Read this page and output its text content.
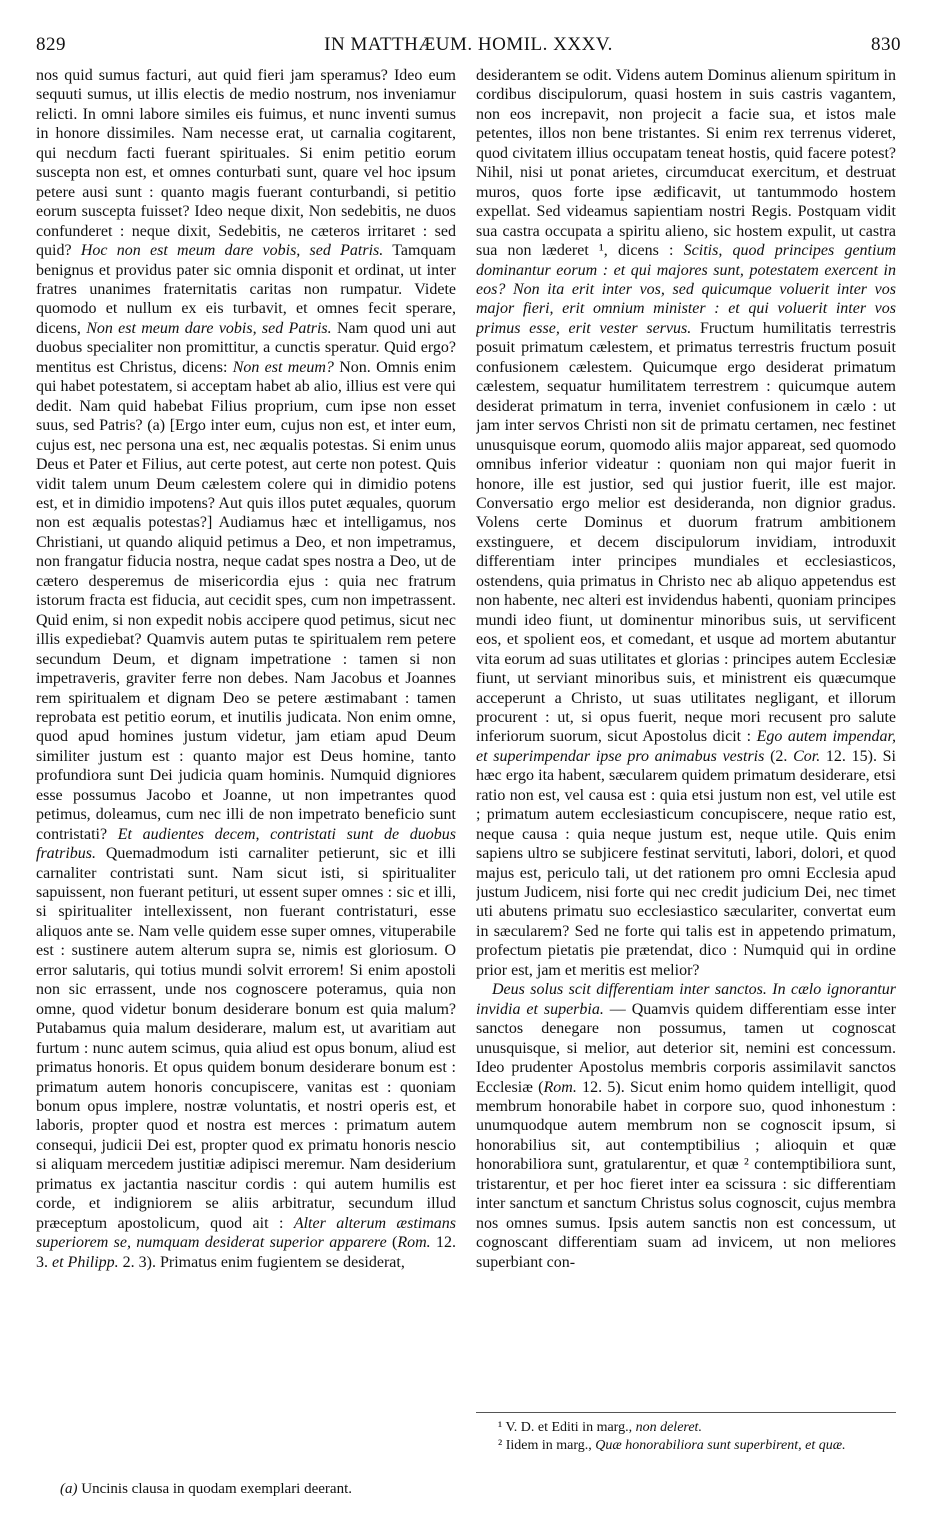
829	IN MATTHÆUM. HOMIL. XXXV.	830

nos quid sumus facturi, aut quid fieri jam speramus? Ideo eum sequuti sumus, ut illis electis de medio nostrum, nos inveniamur relicti. In omni labore similes eis fuimus, et nunc inventi sumus in honore dissimiles. Nam necesse erat, ut carnalia cogitarent, qui necdum facti fuerant spirituales. Si enim petitio eorum suscepta non est, et omnes conturbati sunt, quare vel hoc ipsum petere ausi sunt : quanto magis fuerant conturbandi, si petitio eorum suscepta fuisset? Ideo neque dixit, Non sedebitis, ne duos confunderet : neque dixit, Sedebitis, ne cæteros irritaret : sed quid? Hoc non est meum dare vobis, sed Patris. Tamquam benignus et providus pater sic omnia disponit et ordinat, ut inter fratres unanimes fraternitatis caritas non rumpatur. Videte quomodo et nullum ex eis turbavit, et omnes fecit sperare, dicens, Non est meum dare vobis, sed Patris. Nam quod uni aut duobus specialiter non promittitur, a cunctis speratur. Quid ergo? mentitus est Christus, dicens: Non est meum? Non. Omnis enim qui habet potestatem, si acceptam habet ab alio, illius est vere qui dedit. Nam quid habebat Filius proprium, cum ipse non esset suus, sed Patris? (a) [Ergo inter eum, cujus non est, et inter eum, cujus est, nec persona una est, nec æqualis potestas. Si enim unus Deus et Pater et Filius, aut certe potest, aut certe non potest. Quis vidit talem unum Deum cælestem colere qui in dimidio potens est, et in dimidio impotens? Aut quis illos putet æquales, quorum non est æqualis potestas?] Audiamus hæc et intelligamus, nos Christiani, ut quando aliquid petimus a Deo, et non impetramus, non frangatur fiducia nostra, neque cadat spes nostra a Deo, ut de cætero desperemus de misericordia ejus : quia nec fratrum istorum fracta est fiducia, aut cecidit spes, cum non impetrassent. Quid enim, si non expedit nobis accipere quod petimus, sicut nec illis expediebat? Quamvis autem putas te spiritualem rem petere secundum Deum, et dignam impetratione : tamen si non impetraveris, graviter ferre non debes. Nam Jacobus et Joannes rem spiritualem et dignam Deo se petere æstimabant : tamen reprobata est petitio eorum, et inutilis judicata. Non enim omne, quod apud homines justum videtur, jam etiam apud Deum similiter justum est : quanto major est Deus homine, tanto profundiora sunt Dei judicia quam hominis. Numquid digniores esse possumus Jacobo et Joanne, ut non impetrantes quod petimus, doleamus, cum nec illi de non impetrato beneficio sunt contristati? Et audientes decem, contristati sunt de duobus fratribus. Quemadmodum isti carnaliter petierunt, sic et illi carnaliter contristati sunt. Nam sicut isti, si spiritualiter sapuissent, non fuerant petituri, ut essent super omnes : sic et illi, si spiritualiter intellexissent, non fuerant contristaturi, esse aliquos ante se. Nam velle quidem esse super omnes, vituperabile est : sustinere autem alterum supra se, nimis est gloriosum. O error salutaris, qui totius mundi solvit errorem! Si enim apostoli non sic errassent, unde nos cognoscere poteramus, quia non omne, quod videtur bonum desiderare bonum est quia malum? Putabamus quia malum desiderare, malum est, ut avaritiam aut furtum : nunc autem scimus, quia aliud est opus bonum, aliud est primatus honoris. Et opus quidem bonum desiderare bonum est : primatum autem honoris concupiscere, vanitas est : quoniam bonum opus implere, nostræ voluntatis, et nostri operis est, et laboris, propter quod et nostra est merces : primatum autem consequi, judicii Dei est, propter quod ex primatu honoris nescio si aliquam mercedem justitiæ adipisci meremur. Nam desiderium primatus ex jactantia nascitur cordis : qui autem humilis est corde, et indigniorem se aliis arbitratur, secundum illud præceptum apostolicum, quod ait : Alter alterum æstimans superiorem se, numquam desiderat superior apparere (Rom. 12. 3. et Philipp. 2. 3). Primatus enim fugientem se desiderat,

desiderantem se odit. Videns autem Dominus alienum spiritum in cordibus discipulorum, quasi hostem in suis castris vagantem, non eos increpavit, non projecit a facie sua, et istos male petentes, illos non bene tristantes. Si enim rex terrenus videret, quod civitatem illius occupatam teneat hostis, quid facere potest? Nihil, nisi ut ponat arietes, circumducat exercitum, et destruat muros, quos forte ipse ædificavit, ut tantummodo hostem expellat. Sed videamus sapientiam nostri Regis. Postquam vidit sua castra occupata a spiritu alieno, sic hostem expulit, ut castra sua non læderet ¹, dicens : Scitis, quod principes gentium dominantur eorum : et qui majores sunt, potestatem exercent in eos? Non ita erit inter vos, sed quicumque voluerit inter vos major fieri, erit omnium minister : et qui voluerit inter vos primus esse, erit vester servus. Fructum humilitatis terrestris posuit primatum cælestem, et primatus terrestris fructum posuit confusionem cælestem. Quicumque ergo desiderat primatum cælestem, sequatur humilitatem terrestrem : quicumque autem desiderat primatum in terra, inveniet confusionem in cælo : ut jam inter servos Christi non sit de primatu certamen, nec festinet unusquisque eorum, quomodo aliis major appareat, sed quomodo omnibus inferior videatur : quoniam non qui major fuerit in honore, ille est justior, sed qui justior fuerit, ille est major. Conversatio ergo melior est desideranda, non dignior gradus. Volens certe Dominus et duorum fratrum ambitionem exstinguere, et decem discipulorum invidiam, introduxit differentiam inter principes mundiales et ecclesiasticos, ostendens, quia primatus in Christo nec ab aliquo appetendus est non habente, nec alteri est invidendus habenti, quoniam principes mundi ideo fiunt, ut dominentur minoribus suis, ut servificent eos, et spolient eos, et comedant, et usque ad mortem abutantur vita eorum ad suas utilitates et glorias : principes autem Ecclesiæ fiunt, ut serviant minoribus suis, et ministrent eis quæcumque acceperunt a Christo, ut suas utilitates negligant, et illorum procurent : ut, si opus fuerit, neque mori recusent pro salute inferiorum suorum, sicut Apostolus dicit : Ego autem impendar, et superimpendar ipse pro animabus vestris (2. Cor. 12. 15). Si hæc ergo ita habent, sæcularem quidem primatum desiderare, etsi ratio non est, vel causa est : quia etsi justum non est, vel utile est ; primatum autem ecclesiasticum concupiscere, neque ratio est, neque causa : quia neque justum est, neque utile. Quis enim sapiens ultro se subjicere festinat servituti, labori, dolori, et quod majus est, periculo tali, ut det rationem pro omni Ecclesia apud justum Judicem, nisi forte qui nec credit judicium Dei, nec timet uti abutens primatu suo ecclesiastico sæculariter, convertat eum in sæcularem? Sed ne forte qui talis est in appetendo primatum, profectum pietatis pie prætendat, dico : Numquid qui in ordine prior est, jam et meritis est melior?

Deus solus scit differentiam inter sanctos. In cælo ignorantur invidia et superbia. — Quamvis quidem differentiam esse inter sanctos denegare non possumus, tamen ut cognoscat unusquisque, si melior, aut deterior sit, nemini est concessum. Ideo prudenter Apostolus membris corporis assimilavit sanctos Ecclesiæ (Rom. 12. 5). Sicut enim homo quidem intelligit, quod membrum honorabile habet in corpore suo, quod inhonestum : unumquodque autem membrum non se cognoscit ipsum, si honorabilius sit, aut contemptibilius ; alioquin et quæ honorabiliora sunt, gratularentur, et quæ ² contemptibiliora sunt, tristarentur, et per hoc fieret inter ea scissura : sic differentiam inter sanctum et sanctum Christus solus cognoscit, cujus membra nos omnes sumus. Ipsis autem sanctis non est concessum, ut cognoscant differentiam suam ad invicem, ut non meliores superbiant con-

¹ V. D. et Editi in marg., non deleret.
² Iidem in marg., Quæ honorabiliora sunt superbirent, et quæ.
(a) Uncinis clausa in quodam exemplari deerant.
